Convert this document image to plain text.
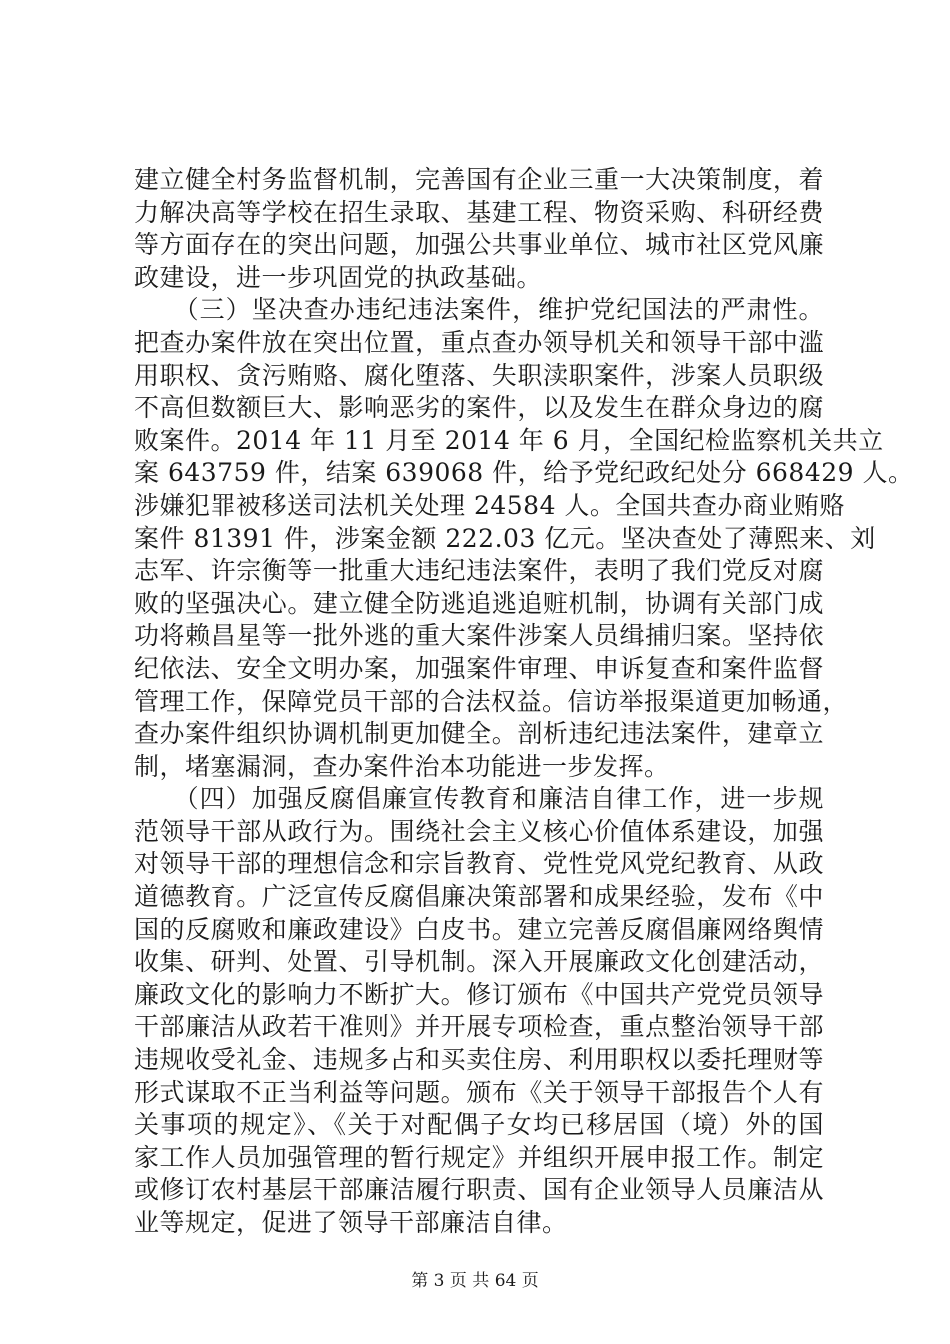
建立健全村务监督机制，完善国有企业三重一大决策制度，着
力解决高等学校在招生录取、基建工程、物资采购、科研经费
等方面存在的突出问题，加强公共事业单位、城市社区党风廉
政建设，进一步巩固党的执政基础。
　　（三）坚决查办违纪违法案件，维护党纪国法的严肃性。
把查办案件放在突出位置，重点查办领导机关和领导干部中滥
用职权、贪污贿赂、腐化堕落、失职渎职案件，涉案人员职级
不高但数额巨大、影响恶劣的案件，以及发生在群众身边的腐
败案件。2014 年 11 月至 2014 年 6 月，全国纪检监察机关共立
案 643759 件，结案 639068 件，给予党纪政纪处分 668429 人。
涉嫌犯罪被移送司法机关处理 24584 人。全国共查办商业贿赂
案件 81391 件，涉案金额 222.03 亿元。坚决查处了薄熙来、刘
志军、许宗衡等一批重大违纪违法案件，表明了我们党反对腐
败的坚强决心。建立健全防逃追逃追赃机制，协调有关部门成
功将赖昌星等一批外逃的重大案件涉案人员缉捕归案。坚持依
纪依法、安全文明办案，加强案件审理、申诉复查和案件监督
管理工作，保障党员干部的合法权益。信访举报渠道更加畅通，
查办案件组织协调机制更加健全。剖析违纪违法案件，建章立
制，堵塞漏洞，查办案件治本功能进一步发挥。
　　（四）加强反腐倡廉宣传教育和廉洁自律工作，进一步规
范领导干部从政行为。围绕社会主义核心价值体系建设，加强
对领导干部的理想信念和宗旨教育、党性党风党纪教育、从政
道德教育。广泛宣传反腐倡廉决策部署和成果经验，发布《中
国的反腐败和廉政建设》白皮书。建立完善反腐倡廉网络舆情
收集、研判、处置、引导机制。深入开展廉政文化创建活动，
廉政文化的影响力不断扩大。修订颁布《中国共产党党员领导
干部廉洁从政若干准则》并开展专项检查，重点整治领导干部
违规收受礼金、违规多占和买卖住房、利用职权以委托理财等
形式谋取不正当利益等问题。颁布《关于领导干部报告个人有
关事项的规定》、《关于对配偶子女均已移居国（境）外的国
家工作人员加强管理的暂行规定》并组织开展申报工作。制定
或修订农村基层干部廉洁履行职责、国有企业领导人员廉洁从
业等规定，促进了领导干部廉洁自律。
第 3 页 共 64 页
